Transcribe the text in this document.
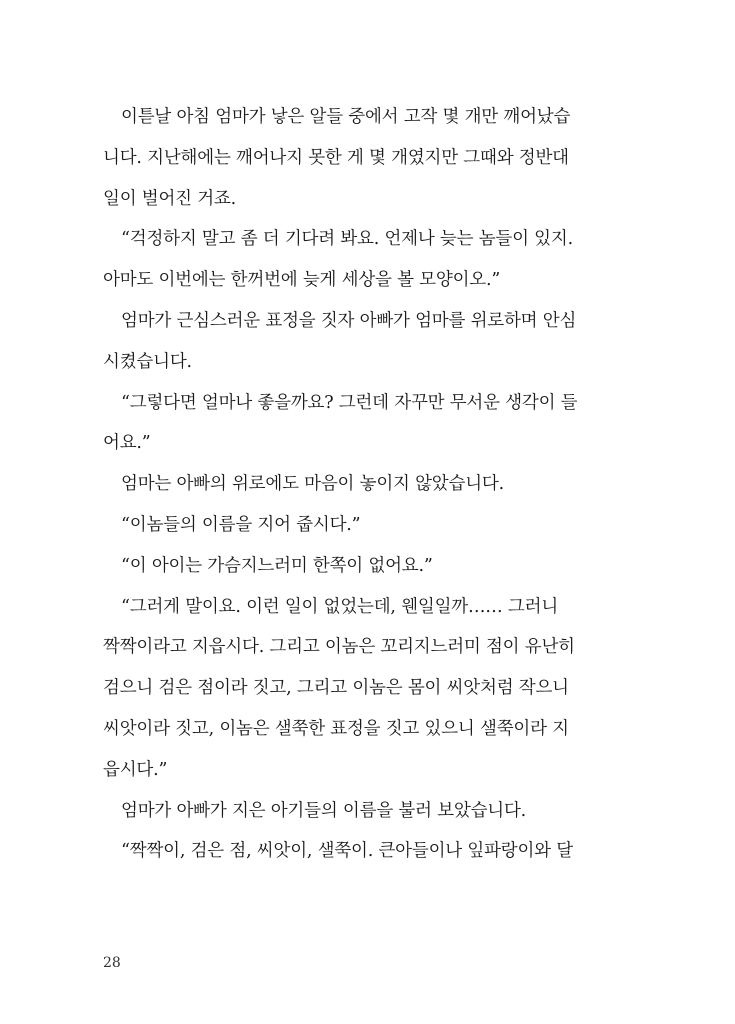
이튿날 아침 엄마가 낳은 알들 중에서 고작 몇 개만 깨어났습
니다. 지난해에는 깨어나지 못한 게 몇 개였지만 그때와 정반대
일이 벌어진 거죠.
“걱정하지 말고 좀 더 기다려 봐요. 언제나 늦는 놈들이 있지.
아마도 이번에는 한꺼번에 늦게 세상을 볼 모양이오.”
엄마가 근심스러운 표정을 짓자 아빠가 엄마를 위로하며 안심
시켰습니다.
“그렇다면 얼마나 좋을까요? 그런데 자꾸만 무서운 생각이 들
어요.”
엄마는 아빠의 위로에도 마음이 놓이지 않았습니다.
“이놈들의 이름을 지어 줍시다.”
“이 아이는 가슴지느러미 한쪽이 없어요.”
“그러게 말이요. 이런 일이 없었는데, 웬일일까…… 그러니
짝짝이라고 지읍시다. 그리고 이놈은 꼬리지느러미 점이 유난히
검으니 검은 점이라 짓고, 그리고 이놈은 몸이 씨앗처럼 작으니
씨앗이라 짓고, 이놈은 샐쭉한 표정을 짓고 있으니 샐쭉이라 지
읍시다.”
엄마가 아빠가 지은 아기들의 이름을 불러 보았습니다.
“짝짝이, 검은 점, 씨앗이, 샐쭉이. 큰아들이나 잎파랑이와 달
28
